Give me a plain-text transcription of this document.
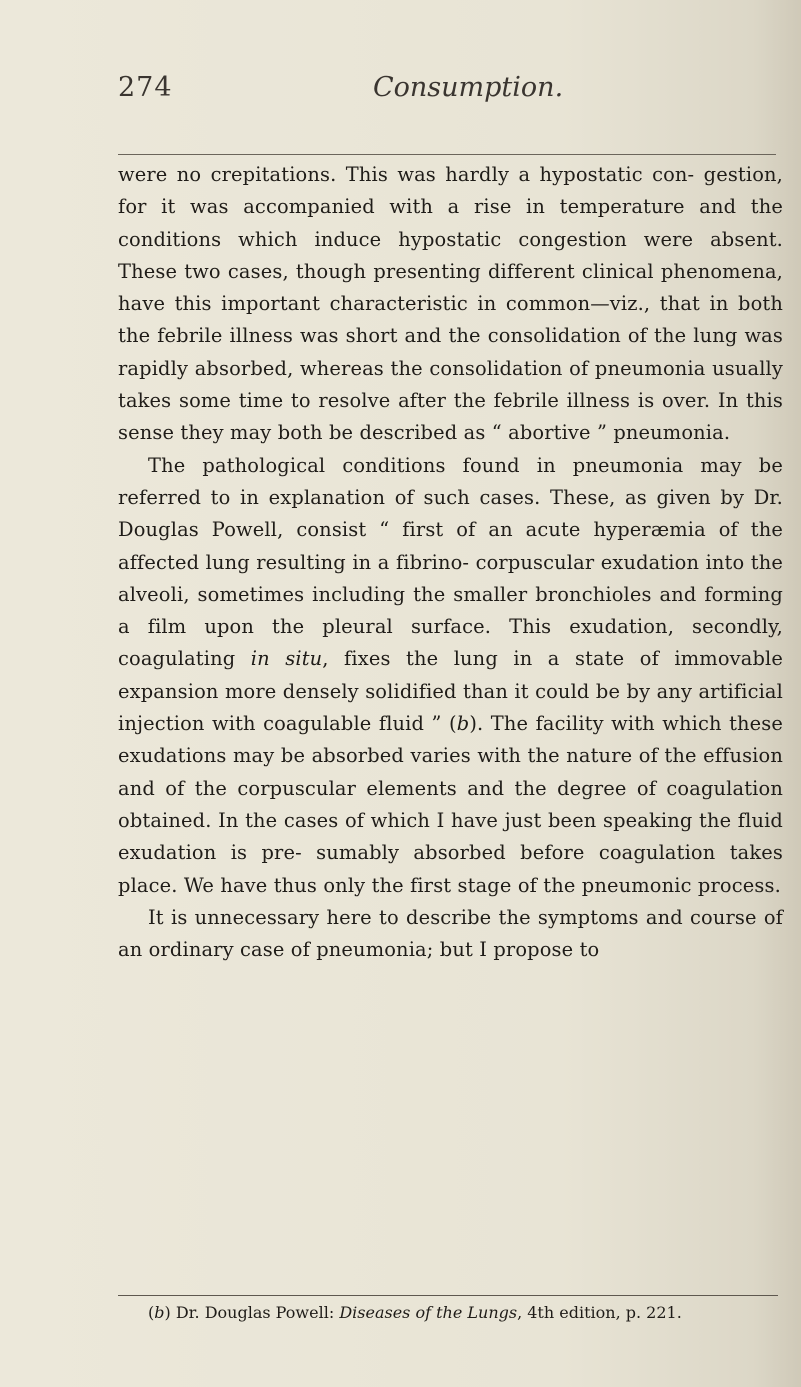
274	Consumption.

were no crepitations. This was hardly a hypostatic con- gestion, for it was accompanied with a rise in temperature and the conditions which induce hypostatic congestion were absent. These two cases, though presenting different clinical phenomena, have this important characteristic in common—viz., that in both the febrile illness was short and the consolidation of the lung was rapidly absorbed, whereas the consolidation of pneumonia usually takes some time to resolve after the febrile illness is over. In this sense they may both be described as “ abortive ” pneumonia.

The pathological conditions found in pneumonia may be referred to in explanation of such cases. These, as given by Dr. Douglas Powell, consist “ first of an acute hyperæmia of the affected lung resulting in a fibrino- corpuscular exudation into the alveoli, sometimes including the smaller bronchioles and forming a film upon the pleural surface. This exudation, secondly, coagulating in situ, fixes the lung in a state of immovable expansion more densely solidified than it could be by any artificial injection with coagulable fluid ” (b). The facility with which these exudations may be absorbed varies with the nature of the effusion and of the corpuscular elements and the degree of coagulation obtained. In the cases of which I have just been speaking the fluid exudation is pre- sumably absorbed before coagulation takes place. We have thus only the first stage of the pneumonic process.

It is unnecessary here to describe the symptoms and course of an ordinary case of pneumonia; but I propose to

(b) Dr. Douglas Powell: Diseases of the Lungs, 4th edition, p. 221.
